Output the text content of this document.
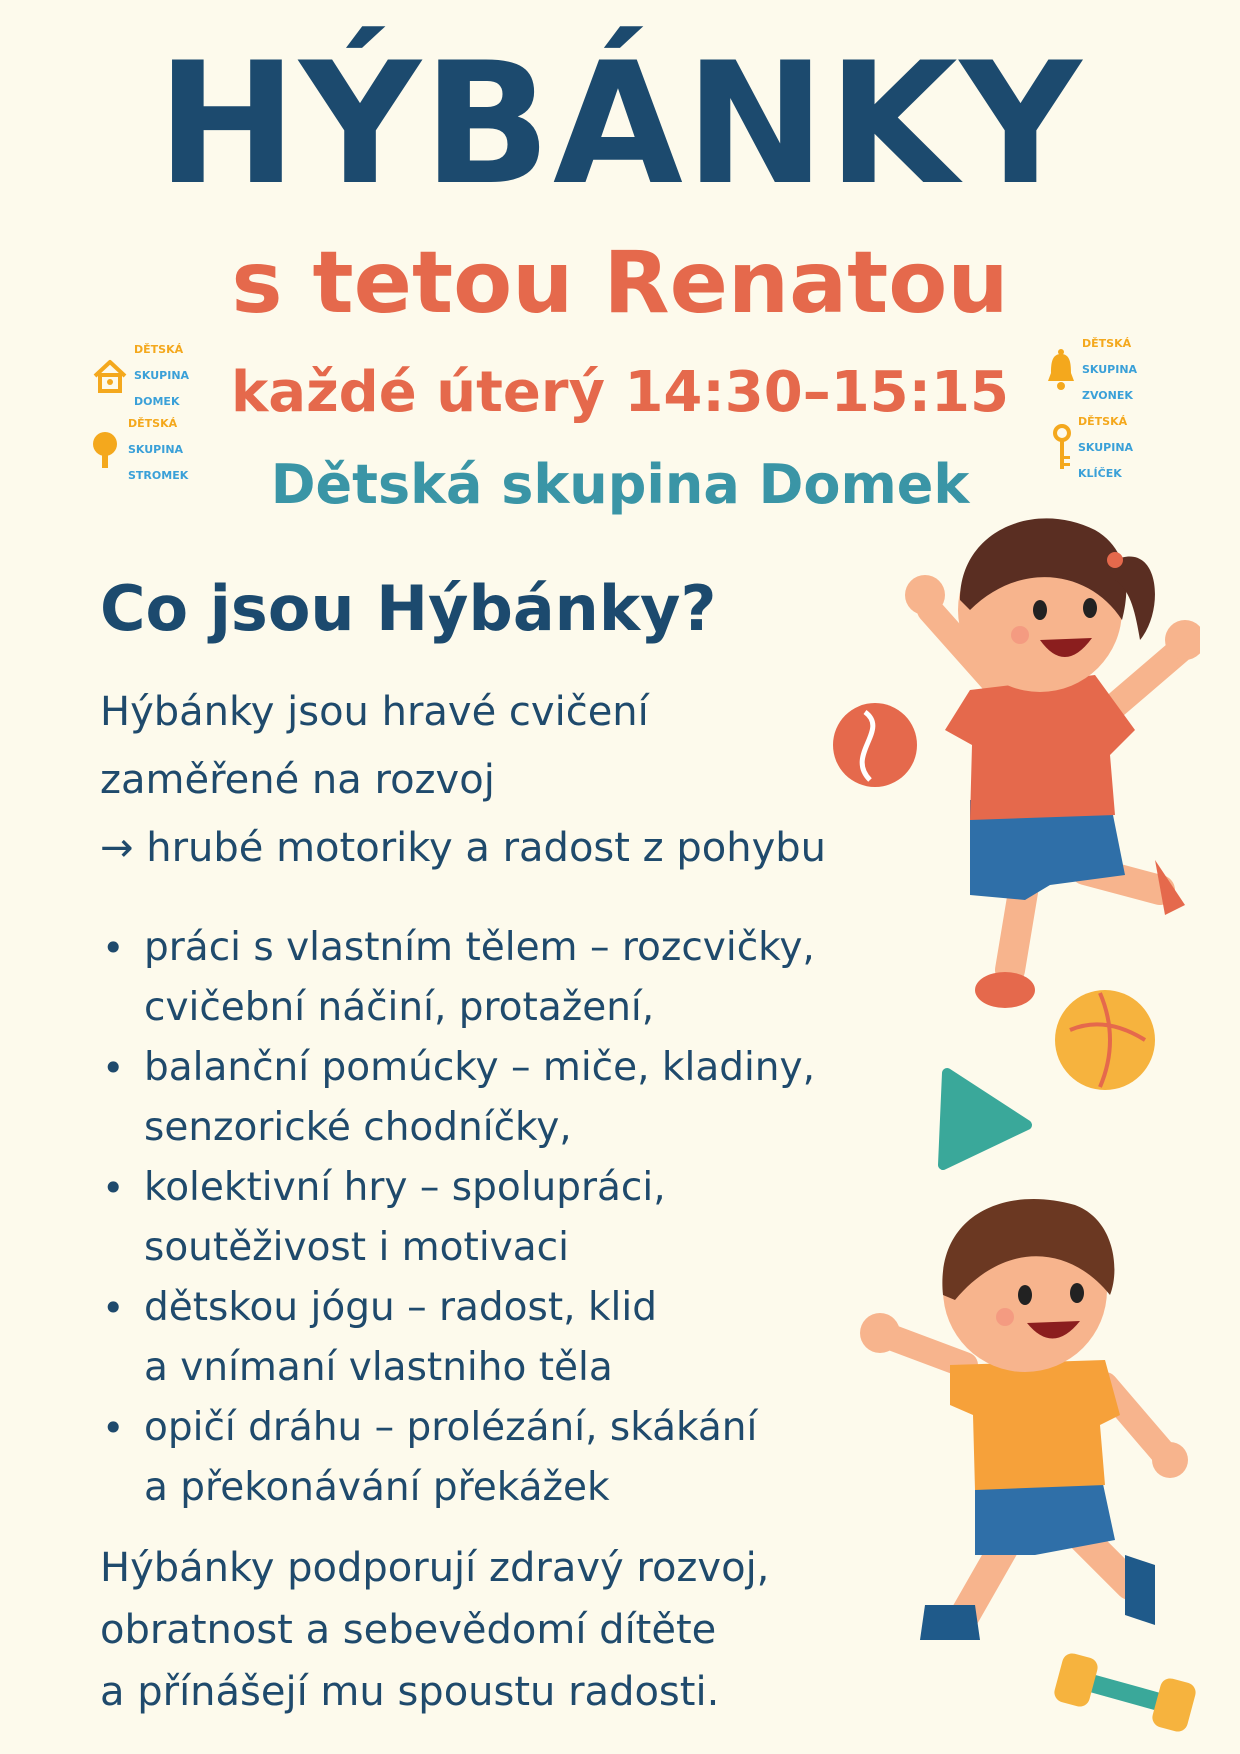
HÝBÁNKY
s tetou Renatou
každé úterý 14:30–15:15
Dětská skupina Domek

DĚTSKÁ

SKUPINA

DOMEK

DĚTSKÁ

SKUPINA

STROMEK

DĚTSKÁ

SKUPINA

ZVONEK

DĚTSKÁ

SKUPINA

KLÍČEK

Co jsou Hýbánky?
Hýbánky jsou hravé cvičení
zaměřené na rozvoj
→ hrubé motoriky a radost z pohybu
• práci s vlastním tělem – rozcvičky,
cvičební náčiní, protažení,
• balanční pomúcky – miče, kladiny,
senzorické chodníčky,
• kolektivní hry – spolupráci,
soutěživost i motivaci
• dětskou jógu – radost, klid
a vnímaní vlastniho těla
• opičí dráhu – prolézání, skákání
a překonávání překážek
Hýbánky podporují zdravý rozvoj,
obratnost a sebevědomí dítěte
a přínášejí mu spoustu radosti.
